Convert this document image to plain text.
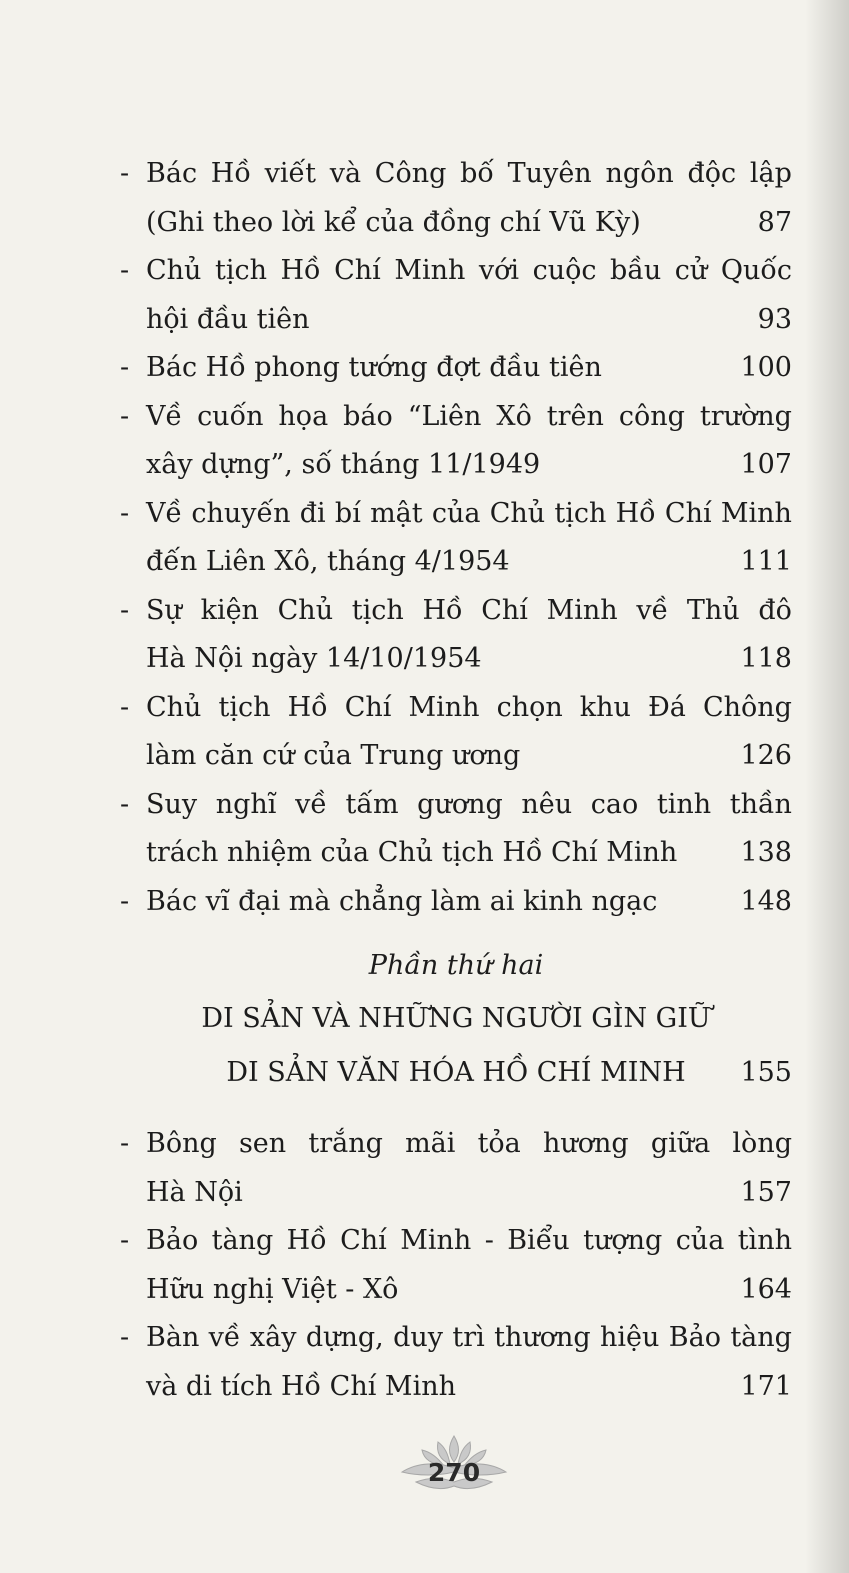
- Bác Hồ viết và Công bố Tuyên ngôn độc lập
(Ghi theo lời kể của đồng chí Vũ Kỳ)	87
- Chủ tịch Hồ Chí Minh với cuộc bầu cử Quốc
hội đầu tiên	93
- Bác Hồ phong tướng đợt đầu tiên	100
- Về cuốn họa báo “Liên Xô trên công trường
xây dựng”, số tháng 11/1949	107
- Về chuyến đi bí mật của Chủ tịch Hồ Chí Minh
đến Liên Xô, tháng 4/1954	111
- Sự kiện Chủ tịch Hồ Chí Minh về Thủ đô
Hà Nội ngày 14/10/1954	118
- Chủ tịch Hồ Chí Minh chọn khu Đá Chông
làm căn cứ của Trung ương	126
- Suy nghĩ về tấm gương nêu cao tinh thần
trách nhiệm của Chủ tịch Hồ Chí Minh 138
- Bác vĩ đại mà chẳng làm ai kinh ngạc	148
Phần thứ hai
DI SẢN VÀ NHỮNG NGƯỜI GÌN GIỮ
DI SẢN VĂN HÓA HỒ CHÍ MINH	155
- Bông sen trắng mãi tỏa hương giữa lòng
Hà Nội	157
- Bảo tàng Hồ Chí Minh - Biểu tượng của tình
Hữu nghị Việt - Xô	164
- Bàn về xây dựng, duy trì thương hiệu Bảo tàng
và di tích Hồ Chí Minh	171
270
